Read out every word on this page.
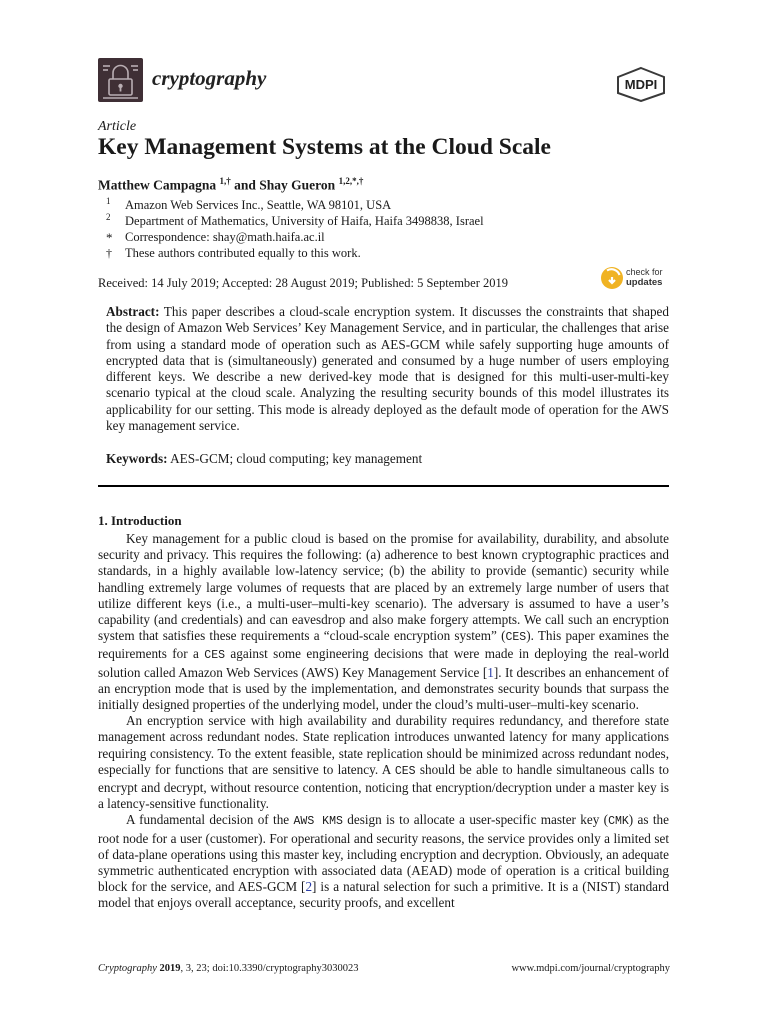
cryptography	MDPI
Article
Key Management Systems at the Cloud Scale
Matthew Campagna $^{1,\dagger}$ and Shay Gueron $^{1,2,*,\dagger}$
1	Amazon Web Services Inc., Seattle, WA 98101, USA
2	Department of Mathematics, University of Haifa, Haifa 3498838, Israel
*	Correspondence: shay@math.haifa.ac.il
†	These authors contributed equally to this work.
Received: 14 July 2019; Accepted: 28 August 2019; Published: 5 September 2019
check for
updates
Abstract: This paper describes a cloud-scale encryption system. It discusses the constraints that shaped the design of Amazon Web Services’ Key Management Service, and in particular, the challenges that arise from using a standard mode of operation such as AES-GCM while safely supporting huge amounts of encrypted data that is (simultaneously) generated and consumed by a huge number of users employing different keys. We describe a new derived-key mode that is designed for this multi-user-multi-key scenario typical at the cloud scale. Analyzing the resulting security bounds of this model illustrates its applicability for our setting. This mode is already deployed as the default mode of operation for the AWS key management service.
Keywords: AES-GCM; cloud computing; key management
1. Introduction

Key management for a public cloud is based on the promise for availability, durability, and absolute security and privacy. This requires the following: (a) adherence to best known cryptographic practices and standards, in a highly available low-latency service; (b) the ability to provide (semantic) security while handling extremely large volumes of requests that are placed by an extremely large number of users that utilize different keys (i.e., a multi-user–multi-key scenario). The adversary is assumed to have a user’s capability (and credentials) and can eavesdrop and also make forgery attempts. We call such an encryption system that satisfies these requirements a “cloud-scale encryption system” (CES). This paper examines the requirements for a CES against some engineering decisions that were made in deploying the real-world solution called Amazon Web Services (AWS) Key Management Service [1]. It describes an enhancement of an encryption mode that is used by the implementation, and demonstrates security bounds that surpass the initially designed properties of the underlying model, under the cloud’s multi-user–multi-key scenario.

An encryption service with high availability and durability requires redundancy, and therefore state management across redundant nodes. State replication introduces unwanted latency for many applications requiring consistency. To the extent feasible, state replication should be minimized across redundant nodes, especially for functions that are sensitive to latency. A CES should be able to handle simultaneous calls to encrypt and decrypt, without resource contention, noticing that encryption/decryption under a master key is a latency-sensitive functionality.

A fundamental decision of the AWS KMS design is to allocate a user-specific master key (CMK) as the root node for a user (customer). For operational and security reasons, the service provides only a limited set of data-plane operations using this master key, including encryption and decryption. Obviously, an adequate symmetric authenticated encryption with associated data (AEAD) mode of operation is a critical building block for the service, and AES-GCM [2] is a natural selection for such a primitive. It is a (NIST) standard model that enjoys overall acceptance, security proofs, and excellent

Cryptography 2019, 3, 23; doi:10.3390/cryptography3030023	www.mdpi.com/journal/cryptography
